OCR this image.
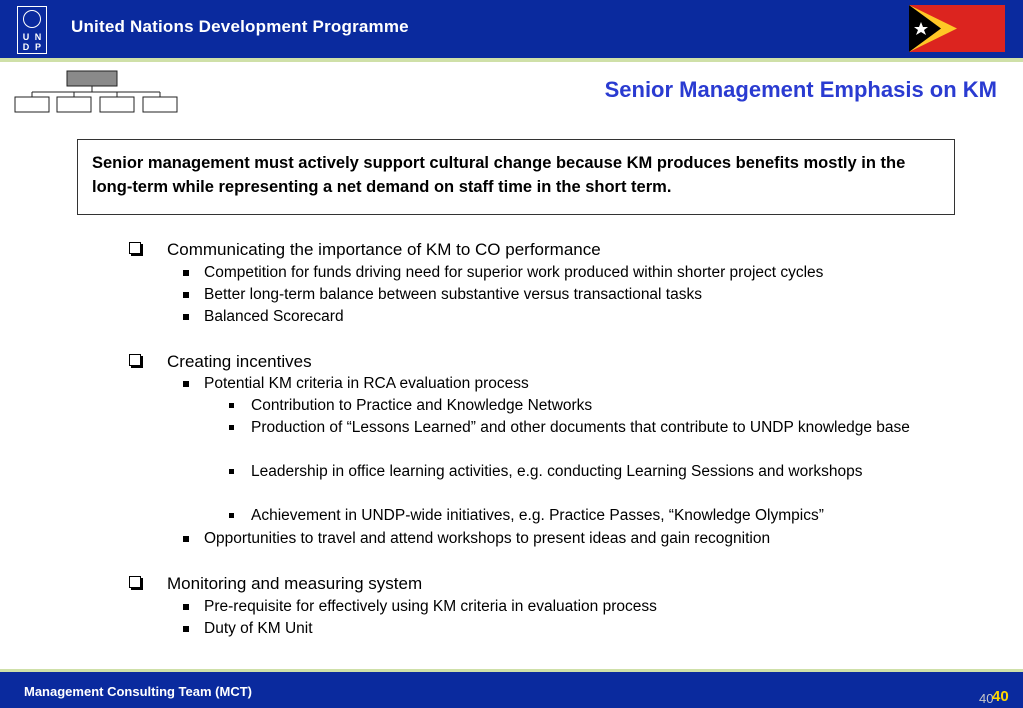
U N
D P
United Nations Development Programme
Senior Management Emphasis on KM
Senior management must actively support cultural change because KM produces benefits mostly in the long-term while representing a net demand on staff time in the short term.
Communicating the importance of KM to CO performance
Competition for funds driving need for superior work produced within shorter project cycles
Better long-term balance between substantive versus transactional tasks
Balanced Scorecard
Creating incentives
Potential KM criteria in RCA evaluation process
Contribution to Practice and Knowledge Networks
Production of “Lessons Learned” and other documents that contribute to UNDP knowledge base
Leadership in office learning activities, e.g. conducting Learning Sessions and workshops
Achievement in UNDP-wide initiatives, e.g. Practice Passes, “Knowledge Olympics”
Opportunities to travel and attend workshops to present ideas and gain recognition
Monitoring and measuring system
Pre-requisite for effectively using KM criteria in evaluation process
Duty of KM Unit
Management Consulting Team (MCT)	40
40
